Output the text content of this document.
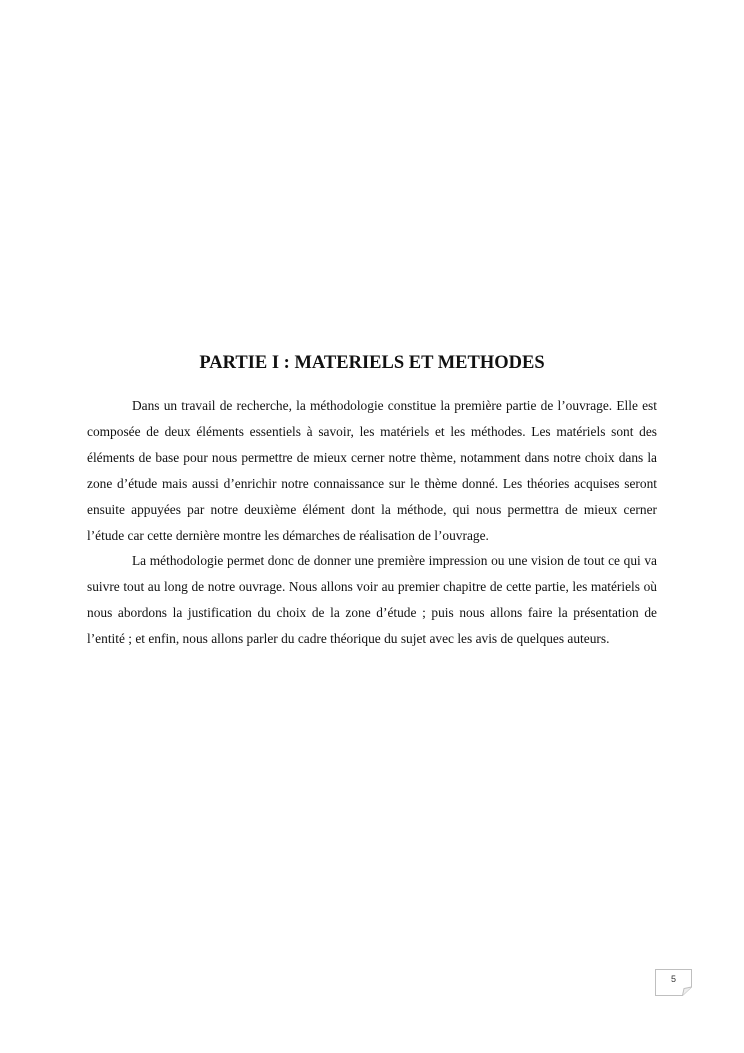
PARTIE I : MATERIELS ET METHODES

Dans un travail de recherche, la méthodologie constitue la première partie de l’ouvrage. Elle est composée de deux éléments essentiels à savoir, les matériels et les méthodes. Les matériels sont des éléments de base pour nous permettre de mieux cerner notre thème, notamment dans notre choix dans la zone d’étude mais aussi d’enrichir notre connaissance sur le thème donné. Les théories acquises seront ensuite appuyées par notre deuxième élément dont la méthode, qui nous permettra de mieux cerner l’étude car cette dernière montre les démarches de réalisation de l’ouvrage.

La méthodologie permet donc de donner une première impression ou une vision de tout ce qui va suivre tout au long de notre ouvrage. Nous allons voir au premier chapitre de cette partie, les matériels où nous abordons la justification du choix de la zone d’étude ; puis nous allons faire la présentation de l’entité ; et enfin, nous allons parler du cadre théorique du sujet avec les avis de quelques auteurs.

5
